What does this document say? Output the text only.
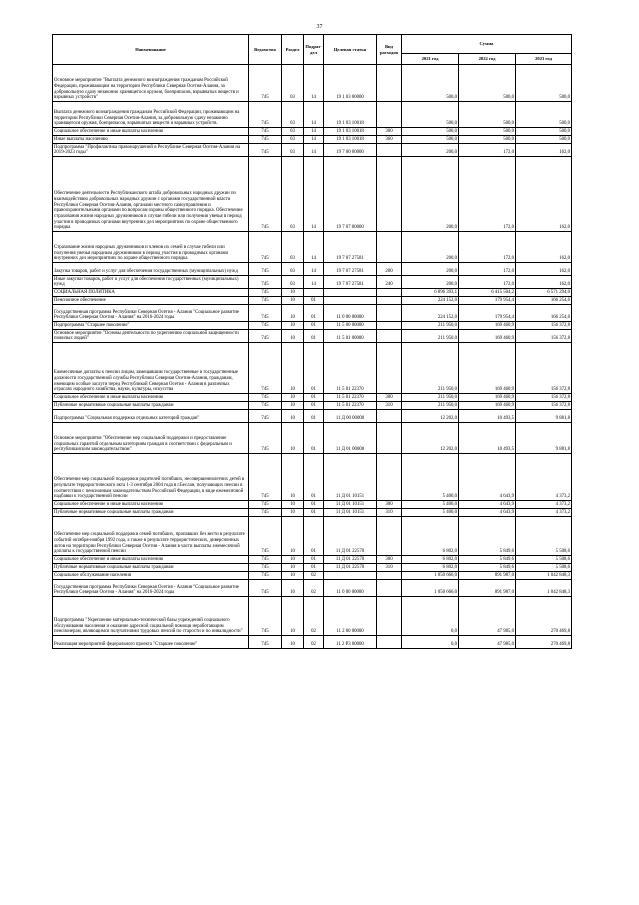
37
Наименование	Ведомство	Раздел	Подраз-дел	Целевая статья	Вид расходов	Сумма		
						2021 год	2022 год	2023 год
Основное мероприятие "Выплата денежного вознаграждения гражданам Российской Федерации, проживающим на территории Республики Северная Осетия-Алания, за добровольную сдачу незаконно хранящегося оружия, боеприпасов, взрывчатых веществ и взрывных устройств"	745	03	14	19 1 03 00000		500,0	500,0	500,0
Выплата денежного вознаграждения гражданам Российской Федерации, проживающим на территории Республики Северная Осетия-Алания, за добровольную сдачу незаконно хранящегося оружия, боеприпасов, взрывчатых веществ и взрывных устройств.	745	03	14	19 1 03 10018		500,0	500,0	500,0
Социальное обеспечение и иные выплаты населению	745	03	14	19 1 03 10018	300	500,0	500,0	500,0
Иные выплаты населению	745	03	14	19 1 03 10018	360	500,0	500,0	500,0
Подпрограмма "Профилактика правонарушений в Республике Северная Осетия-Алания на 2019-2023 годы"	745	03	14	19 7 00 00000		200,0	172,0	162,0
Обеспечение деятельности Республиканского штаба добровольных народных дружин по взаимодействию добровольных народных дружин с органами государственной власти Республики Северная Осетия-Алания, органами местного самоуправления и правоохранительными органами по вопросам охраны общественного порядка. Обеспечение страхования жизни народных дружинников в случае гибели или получения увечья в период участия в проводимых органами внутренних дел мероприятиях по охране общественного порядка	745	03	14	19 7 07 00000		200,0	172,0	162,0
Страхование жизни народных дружинников и членов их семей в случае гибели или получения увечья народным дружинником в период участия в проводимых органами внутренних дел мероприятиях по охране общественного порядка	745	03	14	19 7 07 27581		200,0	172,0	162,0
Закупка товаров, работ и услуг для обеспечения государственных (муниципальных) нужд	745	03	14	19 7 07 27581	200	200,0	172,0	162,0
Иные закупки товаров, работ и услуг для обеспечения государственных (муниципальных) нужд	745	03	14	19 7 07 27581	240	200,0	172,0	162,0
СОЦИАЛЬНАЯ ПОЛИТИКА	745	10				6 896 393,1	6 415 504,2	6 571 294,0
Пенсионное обеспечение	745	10	01			224 152,0	179 954,4	166 254,6
Государственная программа Республики Северная Осетия - Алания "Социальное развитие Республики Северная Осетия - Алания" на 2016-2024 годы	745	10	01	11 0 00 00000		224 152,0	179 954,4	166 254,6
Подпрограмма "Старшее поколение"	745	10	01	11 5 00 00000		211 950,0	169 460,9	156 372,8
Основное мероприятие "Основы деятельности по укреплению социальной защищенности пожилых людей"	745	10	01	11 5 01 00000		211 950,0	169 460,9	156 372,8
Ежемесячные доплаты к пенсии лицам, замещавшим государственные и государственные должности государственной службы Республики Северная Осетия-Алания, гражданам, имеющим особые заслуги перед Республикой Северная Осетия - Алания в различных отраслях народного хозяйства, науки, культуры, искусства	745	10	01	11 5 01 22370		211 950,0	169 460,9	156 372,8
Социальное обеспечение и иные выплаты населению	745	10	01	11 5 01 22370	300	211 950,0	169 460,9	156 372,8
Публичные нормативные социальные выплаты гражданам	745	10	01	11 5 01 22370	310	211 950,0	169 460,9	156 372,8
Подпрограмма "Социальная поддержка отдельных категорий граждан"	745	10	01	11 Д 00 00000		12 202,0	10 493,5	9 881,8
Основное мероприятие "Обеспечение мер социальной поддержки и предоставление социальных гарантий отдельным категориям граждан в соответствии с федеральным и республиканским законодательством"	745	10	01	11 Д 01 00000		12 202,0	10 493,5	9 881,8
Обеспечение мер социальной поддержки родителей погибших, несовершеннолетних детей в результате террористического акта 1-3 сентября 2004 года в г.Беслан, получающих пенсии в соответствии с пенсионным законодательством Российской Федерации, в виде ежемесячной надбавки к государственной пенсии	745	10	01	11 Д 01 10151		5 400,0	4 643,9	4 373,2
Социальное обеспечение и иные выплаты населению	745	10	01	11 Д 01 10151	300	5 400,0	4 643,9	4 373,2
Публичные нормативные социальные выплаты гражданам	745	10	01	11 Д 01 10151	310	5 400,0	4 643,9	4 373,2
Обеспечение мер социальной поддержки семей погибших, пропавших без вести в результате событий октября-ноября 1992 года, а также в результате террористических, диверсионных актов на территории Республики Северная Осетия - Алания в части выплаты ежемесячной доплаты к государственной пенсии	745	10	01	11 Д 01 22570		6 802,0	5 849,6	5 508,6
Социальное обеспечение и иные выплаты населению	745	10	01	11 Д 01 22570	300	6 802,0	5 849,6	5 508,6
Публичные нормативные социальные выплаты гражданам	745	10	01	11 Д 01 22570	310	6 802,0	5 849,6	5 508,6
Социальное обслуживание населения	745	10	02			1 050 666,0	891 987,0	1 042 848,3
Государственная программа Республики Северная Осетия - Алания "Социальное развитие Республики Северная Осетия - Алания" на 2016-2024 годы	745	10	02	11 0 00 00000		1 050 666,0	891 987,0	1 042 848,3
Подпрограмма "Укрепление материально-технической базы учреждений социального обслуживания населения и оказание адресной социальной помощи неработающим пенсионерам, являющимся получателями трудовых пенсий по старости и по инвалидности"	745	10	02	11 2 00 00000		0,0	47 985,0	270 469,8
Реализация мероприятий федерального проекта "Старшее поколение"	745	10	02	11 2 P3 00000		0,0	47 985,0	270 469,8
